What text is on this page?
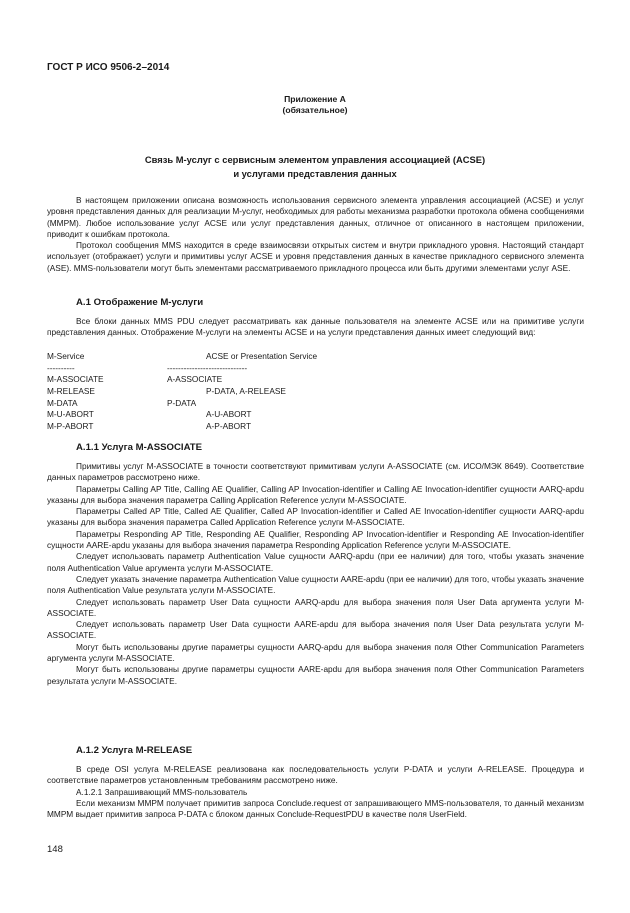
ГОСТ Р ИСО 9506-2–2014
Приложение А
(обязательное)
Связь M-услуг с сервисным элементом управления ассоциацией (ACSE)
и услугами представления данных

В настоящем приложении описана возможность использования сервисного элемента управления ассоциацией (ACSE) и услуг уровня представления данных для реализации M-услуг, необходимых для работы механизма разработки протокола обмена сообщениями (MMPM). Любое использование услуг ACSE или услуг представления данных, отличное от описанного в настоящем приложении, приводит к ошибкам протокола.

Протокол сообщения MMS находится в среде взаимосвязи открытых систем и внутри прикладного уровня. Настоящий стандарт использует (отображает) услуги и примитивы услуг ACSE и уровня представления данных в качестве прикладного сервисного элемента (ASE). MMS-пользователи могут быть элементами рассматриваемого прикладного процесса или быть другими элементами услуг ASE.

А.1 Отображение M-услуги

Все блоки данных MMS PDU следует рассматривать как данные пользователя на элементе ACSE или на примитиве услуги представления данных. Отображение M-услуги на элементы ACSE и на услуги представления данных имеет следующий вид:

M-Service	ACSE or Presentation Service
----------	-----------------------------
M-ASSOCIATE	A-ASSOCIATE
M-RELEASE	P-DATA, A-RELEASE
M-DATA	P-DATA
M-U-ABORT	A-U-ABORT
M-P-ABORT	A-P-ABORT
А.1.1 Услуга M-ASSOCIATE

Примитивы услуг M-ASSOCIATE в точности соответствуют примитивам услуги A-ASSOCIATE (см. ИСО/МЭК 8649). Соответствие данных параметров рассмотрено ниже.

Параметры Calling AP Title, Calling AE Qualifier, Calling AP Invocation-identifier и Calling AE Invocation-identifier сущности AARQ-apdu указаны для выбора значения параметра Calling Application Reference услуги M-ASSOCIATE.

Параметры Called AP Title, Called AE Qualifier, Called AP Invocation-identifier и Called AE Invocation-identifier сущности AARQ-apdu указаны для выбора значения параметра Called Application Reference услуги M-ASSOCIATE.

Параметры Responding AP Title, Responding AE Qualifier, Responding AP Invocation-identifier и Responding AE Invocation-identifier сущности AARE-apdu указаны для выбора значения параметра Responding Application Reference услуги M-ASSOCIATE.

Следует использовать параметр Authentication Value сущности AARQ-apdu (при ее наличии) для того, чтобы указать значение поля Authentication Value аргумента услуги M-ASSOCIATE.

Следует указать значение параметра Authentication Value сущности AARE-apdu (при ее наличии) для того, чтобы указать значение поля Authentication Value результата услуги M-ASSOCIATE.

Следует использовать параметр User Data сущности AARQ-apdu для выбора значения поля User Data аргумента услуги M-ASSOCIATE.

Следует использовать параметр User Data сущности AARE-apdu для выбора значения поля User Data результата услуги M-ASSOCIATE.

Могут быть использованы другие параметры сущности AARQ-apdu для выбора значения поля Other Communication Parameters аргумента услуги M-ASSOCIATE.

Могут быть использованы другие параметры сущности AARE-apdu для выбора значения поля Other Communication Parameters результата услуги M-ASSOCIATE.

А.1.2 Услуга M-RELEASE

В среде OSI услуга M-RELEASE реализована как последовательность услуги P-DATA и услуги A-RELEASE. Процедура и соответствие параметров установленным требованиям рассмотрено ниже.

А.1.2.1 Запрашивающий MMS-пользователь

Если механизм ММРМ получает примитив запроса Conclude.request от запрашивающего MMS-пользователя, то данный механизм ММРМ выдает примитив запроса P-DATA с блоком данных Conclude-RequestPDU в качестве поля UserField.

148
